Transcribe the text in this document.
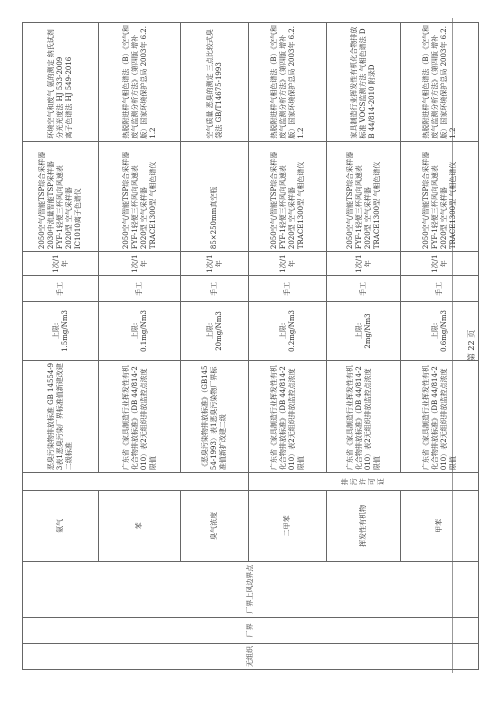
无组织	厂界	厂界上风边界点	氨气		恶臭污染物排放标准 GB 14554-93表1恶臭污染厂界标准值新建改建二级标准	上限:
1.5mg/Nm3	手工	1次/1年	2050空气/智能TSP综合采样器
2030中流量智能TSP采样器
FYF-1轻便三杯风向风速表
2020型 空气采样器
IC1010离子色谱仪	环境空气和废气 氨的测定 纳氏试剂分光光度法 HJ 533-2009
离子色谱法 HJ 549-2016
			苯		广东省《家具制造行业挥发性有机化合物排放标准》（DB 44/814-2010）表2无组织排放监控点浓度限值	上限:
0.1mg/Nm3	手工	1次/1年	2050空气/智能TSP综合采样器
FYF-1轻便三杯风向风速表
2020型 空气采样器
TRACE1300型 气相色谱仪	热脱附进样气相色谱法（B）《空气和废气监测分析方法》（第四版 增补版）国家环境保护总局 2003年 6.2.1.2
			臭气浓度		《恶臭污染物排放标准》（GB14554-1993）表1恶臭污染物厂界标准值新扩改建二级	上限:
20mg/Nm3	手工	1次/1年	85×250mm真空瓶	空气质量 恶臭的测定 三点比较式臭袋法 GB/T14675-1993
			二甲苯	排污许可证	广东省《家具制造行业挥发性有机化合物排放标准》（DB 44/814-2010）表2无组织排放监控点浓度限值	上限:
0.2mg/Nm3	手工	1次/1年	2050空气/智能TSP综合采样器
FYF-1轻便三杯风向风速表
2020型 空气采样器
TRACE1300型 气相色谱仪	热脱附进样气相色谱法（B）《空气和废气监测分析方法》（第四版 增补版）国家环境保护总局 2003年 6.2.1.2
			挥发性有机物		广东省《家具制造行业挥发性有机化合物排放标准》（DB 44/814-2010）表2无组织排放监控点浓度限值	上限:
2mg/Nm3	手工	1次/1年	2050空气/智能TSP综合采样器
FYF-1轻便三杯风向风速表
2020型 空气采样器
TRACE1300型 气相色谱仪	家具制造行业挥发性有机化合物排放标准 VOCS监测方法 气相色谱法 DB 44/814-2010 附录D
			甲苯		广东省《家具制造行业挥发性有机化合物排放标准》（DB 44/814-2010）表2无组织排放监控点浓度限值	上限:
0.6mg/Nm3	手工	1次/1年	2050空气/智能TSP综合采样器
FYF-1轻便三杯风向风速表
2020型 空气采样器
TRACE1300型 气相色谱仪	热脱附进样气相色谱法（B）《空气和废气监测分析方法》（第四版 增补版）国家环境保护总局 2003年 6.2.1.2
第 22 页
